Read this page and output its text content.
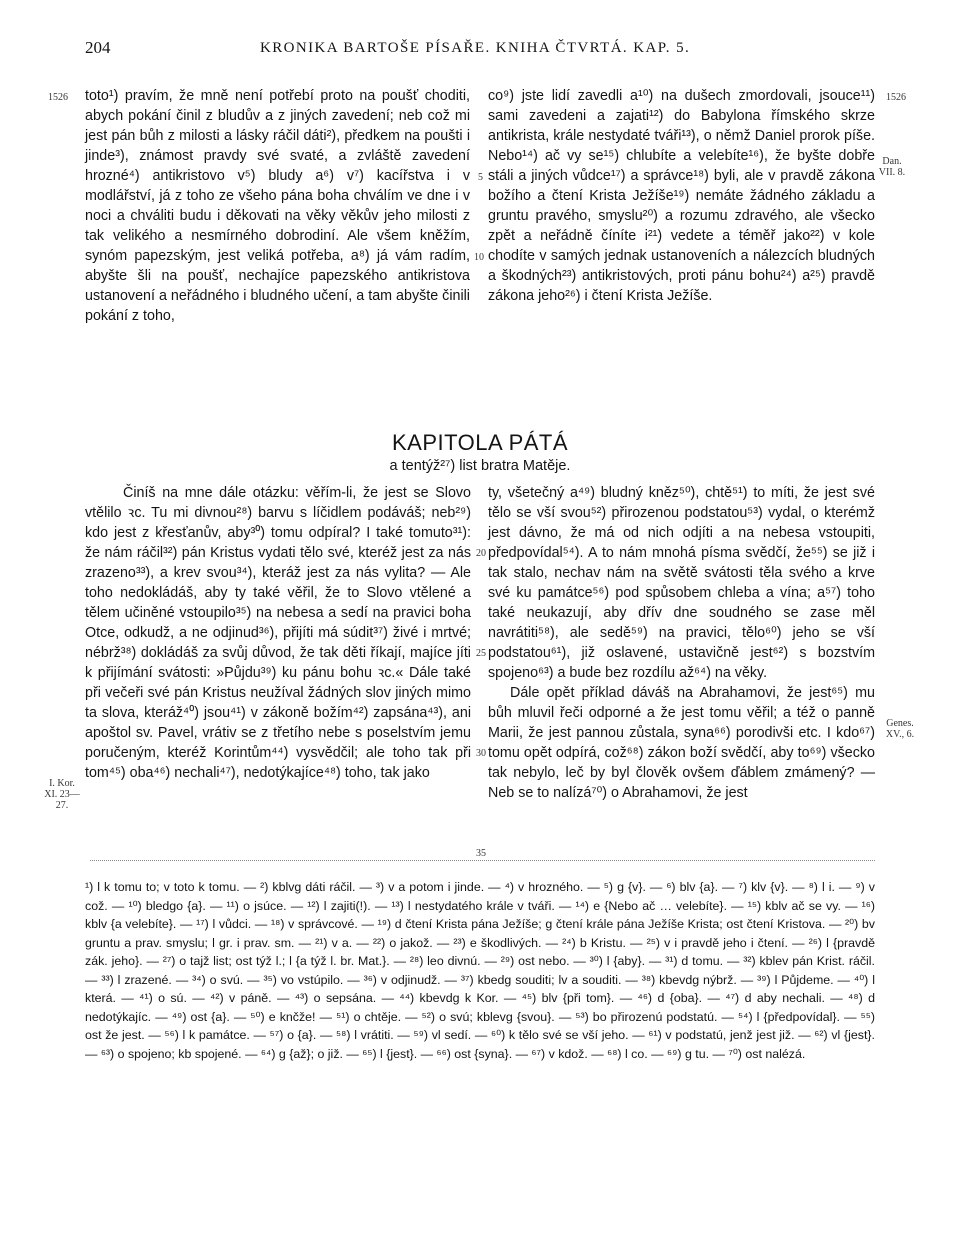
204	KRONIKA BARTOŠE PÍSAŘE. KNIHA ČTVRTÁ. KAP. 5.
1526	1526
5
10
20
25
30
35
Dan. VII. 8.
Genes. XV., 6.
I. Kor. XI. 23—27.

toto¹) pravím, že mně není potřebí proto na poušť choditi, abych pokání činil z bludův a z jiných zavedení; neb což mi jest pán bůh z milosti a lásky ráčil dáti²), předkem na poušti i jinde³), známost pravdy své svaté, a zvláště zavedení hrozné⁴) antikristovo v⁵) bludy a⁶) v⁷) kacířstva i v modlářství, já z toho ze všeho pána boha chválím ve dne i v noci a chváliti budu i děkovati na věky věkův jeho milosti z tak velikého a nesmírného dobrodiní. Ale všem kněžím, synóm papezským, jest veliká potřeba, a⁸) já vám radím, abyšte šli na poušť, nechajíce papezského antikristova ustanovení a neřádného i bludného učení, a tam abyšte činili pokání z toho,

co⁹) jste lidí zavedli a¹⁰) na dušech zmordovali, jsouce¹¹) sami zavedeni a zajati¹²) do Babylona římského skrze antikrista, krále nestydaté tváři¹³), o němž Daniel prorok píše. Nebo¹⁴) ač vy se¹⁵) chlubíte a velebíte¹⁶), že byšte dobře stáli a jiných vůdce¹⁷) a správce¹⁸) byli, ale v pravdě zákona božího a čtení Krista Ježíše¹⁹) nemáte žádného základu a gruntu pravého, smyslu²⁰) a rozumu zdravého, ale všecko zpět a neřádně číníte i²¹) vedete a téměř jako²²) v kole chodíte v samých jednak ustanoveních a nálezcích bludných a škodných²³) antikristových, proti pánu bohu²⁴) a²⁵) pravdě zákona jeho²⁶) i čtení Krista Ježíše.

KAPITOLA PÁTÁ
a tentýž²⁷) list bratra Matěje.

Činíš na mne dále otázku: věřím-li, že jest se Slovo vtělilo ꝛc. Tu mi divnou²⁸) barvu s líčidlem podáváš; neb²⁹) kdo jest z křesťanův, aby³⁰) tomu odpíral? I také tomuto³¹): že nám ráčil³²) pán Kristus vydati tělo své, kteréž jest za nás zrazeno³³), a krev svou³⁴), kteráž jest za nás vylita? — Ale toho nedokládáš, aby ty také věřil, že to Slovo vtělené a tělem učiněné vstoupilo³⁵) na nebesa a sedí na pravici boha Otce, odkudž, a ne odjinud³⁶), přijíti má súdit³⁷) živé i mrtvé; nébrž³⁸) dokládáš za svůj důvod, že tak děti říkají, majíce jíti k přijímání svátosti: »Půjdu³⁹) ku pánu bohu ꝛc.« Dále také při večeři své pán Kristus neužíval žádných slov jiných mimo ta slova, kteráž⁴⁰) jsou⁴¹) v zákoně božím⁴²) zapsána⁴³), ani apoštol sv. Pavel, vrátiv se z třetího nebe s poselstvím jemu poručeným, kteréž Korintům⁴⁴) vysvědčil; ale toho tak při tom⁴⁵) oba⁴⁶) nechali⁴⁷), nedotýkajíce⁴⁸) toho, tak jako

ty, všetečný a⁴⁹) bludný kněz⁵⁰), chtě⁵¹) to míti, že jest své tělo se vší svou⁵²) přirozenou podstatou⁵³) vydal, o kterémž jest dávno, že má od nich odjíti a na nebesa vstoupiti, předpovídal⁵⁴). A to nám mnohá písma svědčí, že⁵⁵) se již i tak stalo, nechav nám na světě svátosti těla svého a krve své ku památce⁵⁶) pod spůsobem chleba a vína; a⁵⁷) toho také neukazují, aby dřív dne soudného se zase měl navrátiti⁵⁸), ale sedě⁵⁹) na pravici, tělo⁶⁰) jeho se vší podstatou⁶¹), již oslavené, ustavičně jest⁶²) s bozstvím spojeno⁶³) a bude bez rozdílu až⁶⁴) na věky.

Dále opět příklad dáváš na Abrahamovi, že jest⁶⁵) mu bůh mluvil řeči odporné a že jest tomu věřil; a též o panně Marii, že jest pannou zůstala, syna⁶⁶) porodivši etc. I kdo⁶⁷) tomu opět odpírá, což⁶⁸) zákon boží svědčí, aby to⁶⁹) všecko tak nebylo, leč by byl člověk ovšem ďáblem zmámený? — Neb se to nalízá⁷⁰) o Abrahamovi, že jest

¹) l k tomu to; v toto k tomu. — ²) kblvg dáti ráčil. — ³) v a potom i jinde. — ⁴) v hrozného. — ⁵) g {v}. — ⁶) blv {a}. — ⁷) klv {v}. — ⁸) l i. — ⁹) v což. — ¹⁰) bledgo {a}. — ¹¹) o jsúce. — ¹²) l zajiti(!). — ¹³) l nestydatého krále v tváři. — ¹⁴) e {Nebo ač … velebíte}. — ¹⁵) kblv ač se vy. — ¹⁶) kblv {a velebíte}. — ¹⁷) l vůdci. — ¹⁸) v správcové. — ¹⁹) d čtení Krista pána Ježíše; g čtení krále pána Ježíše Krista; ost čtení Kristova. — ²⁰) bv gruntu a prav. smyslu; l gr. i prav. sm. — ²¹) v a. — ²²) o jakož. — ²³) e škodlivých. — ²⁴) b Kristu. — ²⁵) v i pravdě jeho i čtení. — ²⁶) l {pravdě zák. jeho}. — ²⁷) o tajž list; ost týž l.; l {a týž l. br. Mat.}. — ²⁸) leo divnú. — ²⁹) ost nebo. — ³⁰) l {aby}. — ³¹) d tomu. — ³²) kblev pán Krist. ráčil. — ³³) l zrazené. — ³⁴) o svú. — ³⁵) vo vstúpilo. — ³⁶) v odjinudž. — ³⁷) kbedg souditi; lv a souditi. — ³⁸) kbevdg nýbrž. — ³⁹) l Půjdeme. — ⁴⁰) l která. — ⁴¹) o sú. — ⁴²) v páně. — ⁴³) o sepsána. — ⁴⁴) kbevdg k Kor. — ⁴⁵) blv {při tom}. — ⁴⁶) d {oba}. — ⁴⁷) d aby nechali. — ⁴⁸) d nedotýkajíc. — ⁴⁹) ost {a}. — ⁵⁰) e knčže! — ⁵¹) o chtěje. — ⁵²) o svú; kblevg {svou}. — ⁵³) bo přirozenú podstatú. — ⁵⁴) l {předpovídal}. — ⁵⁵) ost že jest. — ⁵⁶) l k památce. — ⁵⁷) o {a}. — ⁵⁸) l vrátiti. — ⁵⁹) vl sedí. — ⁶⁰) k tělo své se vší jeho. — ⁶¹) v podstatú, jenž jest již. — ⁶²) vl {jest}. — ⁶³) o spojeno; kb spojené. — ⁶⁴) g {až}; o již. — ⁶⁵) l {jest}. — ⁶⁶) ost {syna}. — ⁶⁷) v kdož. — ⁶⁸) l co. — ⁶⁹) g tu. — ⁷⁰) ost nalézá.
